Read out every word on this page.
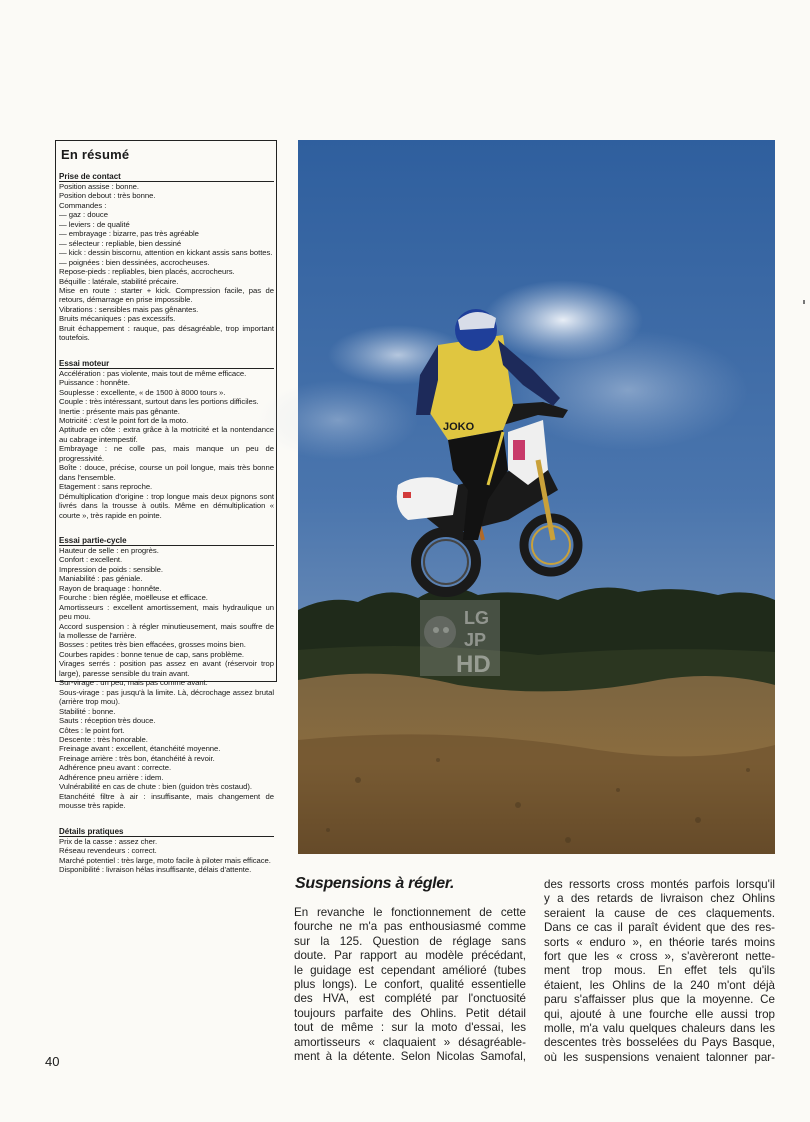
En résumé
Prise de contact
Position assise : bonne.
Position debout : très bonne.
Commandes :
— gaz : douce
— leviers : de qualité
— embrayage : bizarre, pas très agréable
— sélecteur : repliable, bien dessiné
— kick : dessin biscornu, attention en kickant assis sans bottes.
— poignées : bien dessinées, accrocheuses.
Repose-pieds : repliables, bien placés, accrocheurs.
Béquille : latérale, stabilité précaire.
Mise en route : starter + kick. Compression facile, pas de retours, démarrage en prise impossible.
Vibrations : sensibles mais pas gênantes.
Bruits mécaniques : pas excessifs.
Bruit échappement : rauque, pas désagréable, trop important toutefois.
Essai moteur
Accélération : pas violente, mais tout de même efficace.
Puissance : honnête.
Souplesse : excellente, « de 1500 à 8000 tours ».
Couple : très intéressant, surtout dans les portions difficiles.
Inertie : présente mais pas gênante.
Motricité : c'est le point fort de la moto.
Aptitude en côte : extra grâce à la motricité et la nontendance au cabrage intempestif.
Embrayage : ne colle pas, mais manque un peu de progressivité.
Boîte : douce, précise, course un poil longue, mais très bonne dans l'ensemble.
Etagement : sans reproche.
Démultiplication d'origine : trop longue mais deux pignons sont livrés dans la trousse à outils. Même en démultiplication « courte », très rapide en pointe.
Essai partie-cycle
Hauteur de selle : en progrès.
Confort : excellent.
Impression de poids : sensible.
Maniabilité : pas géniale.
Rayon de braquage : honnête.
Fourche : bien réglée, moëlleuse et efficace.
Amortisseurs : excellent amortissement, mais hydraulique un peu mou.
Accord suspension : à régler minutieusement, mais souffre de la mollesse de l'arrière.
Bosses : petites très bien effacées, grosses moins bien.
Courbes rapides : bonne tenue de cap, sans problème.
Virages serrés : position pas assez en avant (réservoir trop large), paresse sensible du train avant.
Sur-virage : un peu, mais pas comme avant.
Sous-virage : pas jusqu'à la limite. Là, décrochage assez brutal (arrière trop mou).
Stabilité : bonne.
Sauts : réception très douce.
Côtes : le point fort.
Descente : très honorable.
Freinage avant : excellent, étanchéité moyenne.
Freinage arrière : très bon, étanchéité à revoir.
Adhérence pneu avant : correcte.
Adhérence pneu arrière : idem.
Vulnérabilité en cas de chute : bien (guidon très costaud).
Etanchéité filtre à air : insuffisante, mais changement de mousse très rapide.
Détails pratiques
Prix de la casse : assez cher.
Réseau revendeurs : correct.
Marché potentiel : très large, moto facile à piloter mais efficace.
Disponibilité : livraison hélas insuffisante, délais d'attente.
JOKO
LG
JP
HD
Suspensions à régler.
En revanche le fonctionnement de cette
fourche ne m'a pas enthousiasmé comme
sur la 125. Question de réglage sans
doute. Par rapport au modèle précédant,
le guidage est cependant amélioré (tubes
plus longs). Le confort, qualité essentielle
des HVA, est complété par l'onctuosité
toujours parfaite des Ohlins. Petit détail
tout de même : sur la moto d'essai, les
amortisseurs « claquaient » désagréable-
ment à la détente. Selon Nicolas Samofal,
des ressorts cross montés parfois lorsqu'il
y a des retards de livraison chez Ohlins
seraient la cause de ces claquements.
Dans ce cas il paraît évident que des res-
sorts « enduro », en théorie tarés moins
fort que les « cross », s'avèreront nette-
ment trop mous. En effet tels qu'ils
étaient, les Ohlins de la 240 m'ont déjà
paru s'affaisser plus que la moyenne. Ce
qui, ajouté à une fourche elle aussi trop
molle, m'a valu quelques chaleurs dans les
descentes très bosselées du Pays Basque,
où les suspensions venaient talonner par-
40
